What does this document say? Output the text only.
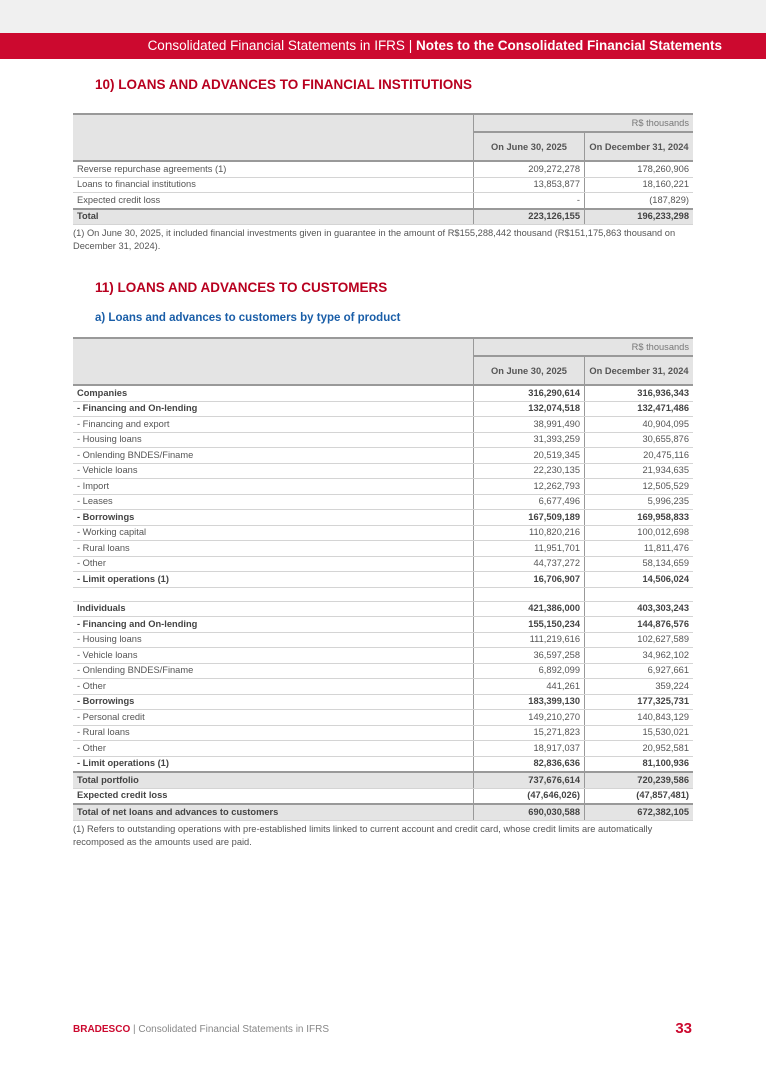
Consolidated Financial Statements in IFRS | Notes to the Consolidated Financial Statements
10) LOANS AND ADVANCES TO FINANCIAL INSTITUTIONS
	R$ thousands	
	On June 30, 2025	On December 31, 2024
Reverse repurchase agreements (1)	209,272,278	178,260,906
Loans to financial institutions	13,853,877	18,160,221
Expected credit loss	-	(187,829)
Total	223,126,155	196,233,298
(1) On June 30, 2025, it included financial investments given in guarantee in the amount of R$155,288,442 thousand (R$151,175,863 thousand on December 31, 2024).
11) LOANS AND ADVANCES TO CUSTOMERS
a) Loans and advances to customers by type of product
	R$ thousands	
	On June 30, 2025	On December 31, 2024
Companies	316,290,614	316,936,343
- Financing and On-lending	132,074,518	132,471,486
- Financing and export	38,991,490	40,904,095
- Housing loans	31,393,259	30,655,876
- Onlending BNDES/Finame	20,519,345	20,475,116
- Vehicle loans	22,230,135	21,934,635
- Import	12,262,793	12,505,529
- Leases	6,677,496	5,996,235
- Borrowings	167,509,189	169,958,833
- Working capital	110,820,216	100,012,698
- Rural loans	11,951,701	11,811,476
- Other	44,737,272	58,134,659
- Limit operations (1)	16,706,907	14,506,024

Individuals	421,386,000	403,303,243
- Financing and On-lending	155,150,234	144,876,576
- Housing loans	111,219,616	102,627,589
- Vehicle loans	36,597,258	34,962,102
- Onlending BNDES/Finame	6,892,099	6,927,661
- Other	441,261	359,224
- Borrowings	183,399,130	177,325,731
- Personal credit	149,210,270	140,843,129
- Rural loans	15,271,823	15,530,021
- Other	18,917,037	20,952,581
- Limit operations (1)	82,836,636	81,100,936
Total portfolio	737,676,614	720,239,586
Expected credit loss	(47,646,026)	(47,857,481)
Total of net loans and advances to customers	690,030,588	672,382,105
(1) Refers to outstanding operations with pre-established limits linked to current account and credit card, whose credit limits are automatically recomposed as the amounts used are paid.
BRADESCO | Consolidated Financial Statements in IFRS	33
